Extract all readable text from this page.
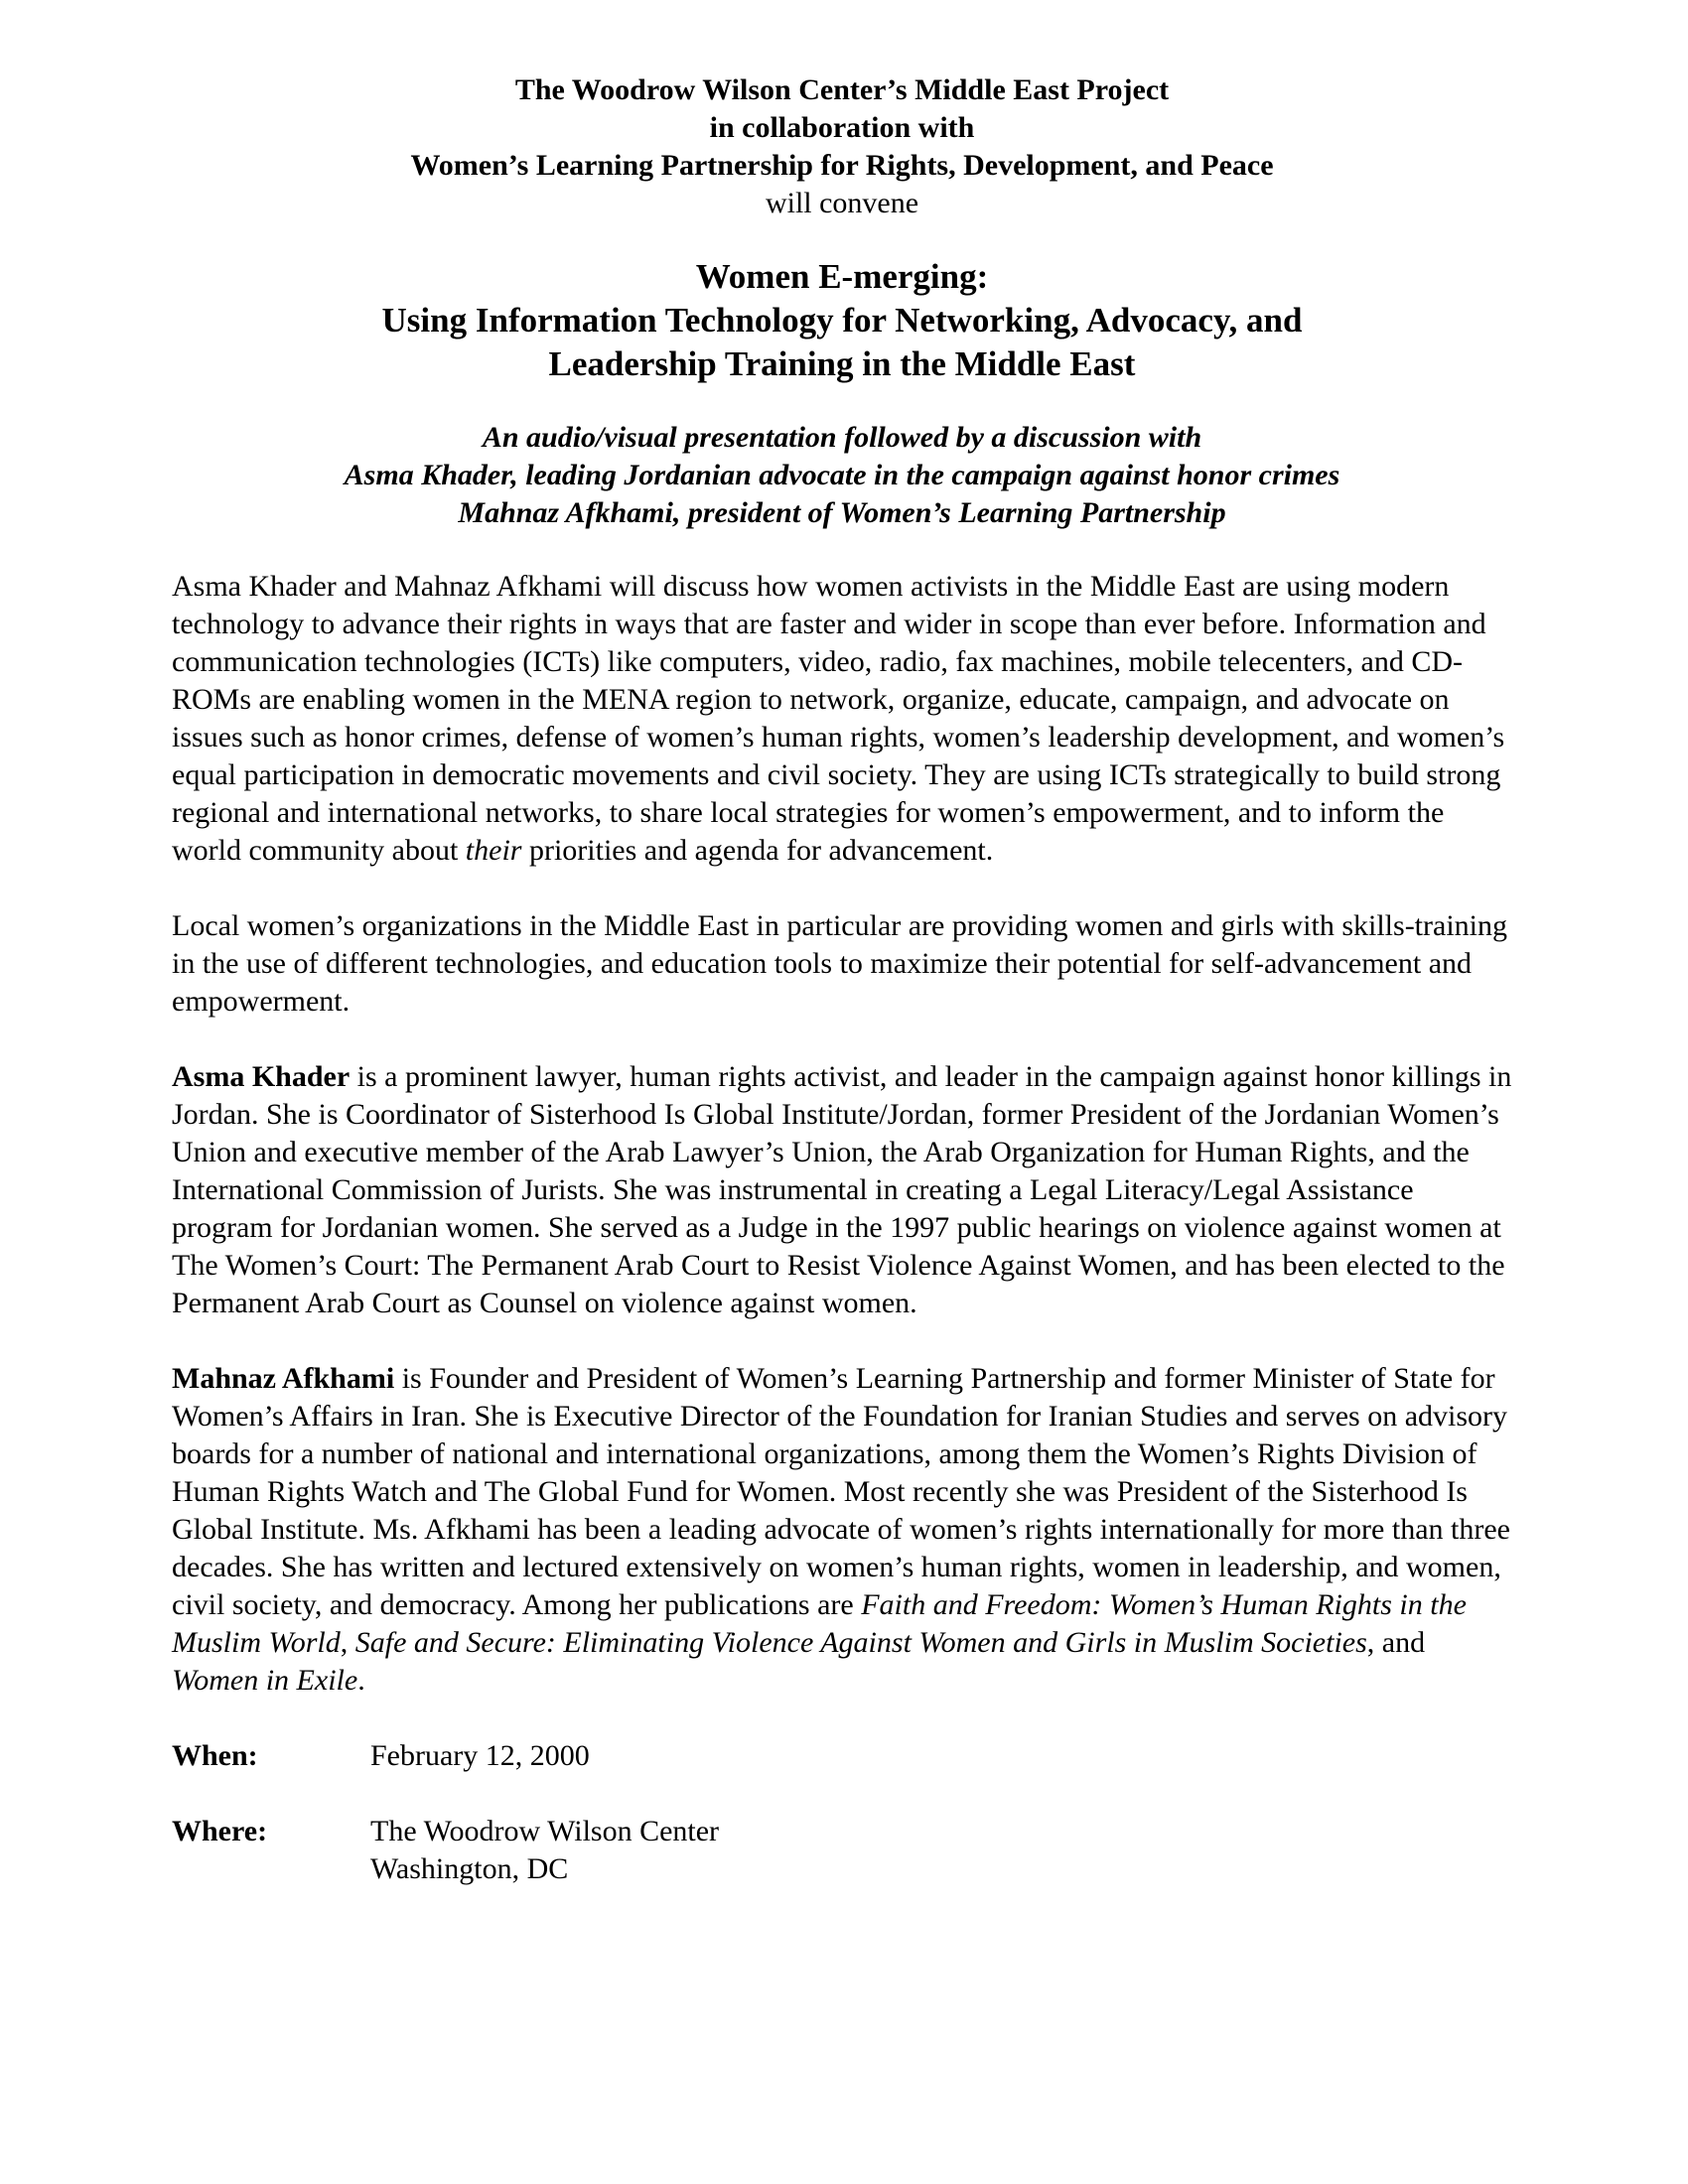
The Woodrow Wilson Center’s Middle East Project
in collaboration with
Women’s Learning Partnership for Rights, Development, and Peace
will convene
Women E-merging:
Using Information Technology for Networking, Advocacy, and
Leadership Training in the Middle East
An audio/visual presentation followed by a discussion with
Asma Khader, leading Jordanian advocate in the campaign against honor crimes
Mahnaz Afkhami, president of Women’s Learning Partnership

Asma Khader and Mahnaz Afkhami will discuss how women activists in the Middle East are using modern technology to advance their rights in ways that are faster and wider in scope than ever before. Information and communication technologies (ICTs) like computers, video, radio, fax machines, mobile telecenters, and CD-ROMs are enabling women in the MENA region to network, organize, educate, campaign, and advocate on issues such as honor crimes, defense of women’s human rights, women’s leadership development, and women’s equal participation in democratic movements and civil society. They are using ICTs strategically to build strong regional and international networks, to share local strategies for women’s empowerment, and to inform the world community about their priorities and agenda for advancement.

Local women’s organizations in the Middle East in particular are providing women and girls with skills-training in the use of different technologies, and education tools to maximize their potential for self-advancement and empowerment.

Asma Khader is a prominent lawyer, human rights activist, and leader in the campaign against honor killings in Jordan. She is Coordinator of Sisterhood Is Global Institute/Jordan, former President of the Jordanian Women’s Union and executive member of the Arab Lawyer’s Union, the Arab Organization for Human Rights, and the International Commission of Jurists. She was instrumental in creating a Legal Literacy/Legal Assistance program for Jordanian women. She served as a Judge in the 1997 public hearings on violence against women at The Women’s Court: The Permanent Arab Court to Resist Violence Against Women, and has been elected to the Permanent Arab Court as Counsel on violence against women.

Mahnaz Afkhami is Founder and President of Women’s Learning Partnership and former Minister of State for Women’s Affairs in Iran. She is Executive Director of the Foundation for Iranian Studies and serves on advisory boards for a number of national and international organizations, among them the Women’s Rights Division of Human Rights Watch and The Global Fund for Women. Most recently she was President of the Sisterhood Is Global Institute. Ms. Afkhami has been a leading advocate of women’s rights internationally for more than three decades. She has written and lectured extensively on women’s human rights, women in leadership, and women, civil society, and democracy. Among her publications are Faith and Freedom: Women’s Human Rights in the Muslim World, Safe and Secure: Eliminating Violence Against Women and Girls in Muslim Societies, and Women in Exile.

When:	February 12, 2000
Where:	The Woodrow Wilson Center
Washington, DC
